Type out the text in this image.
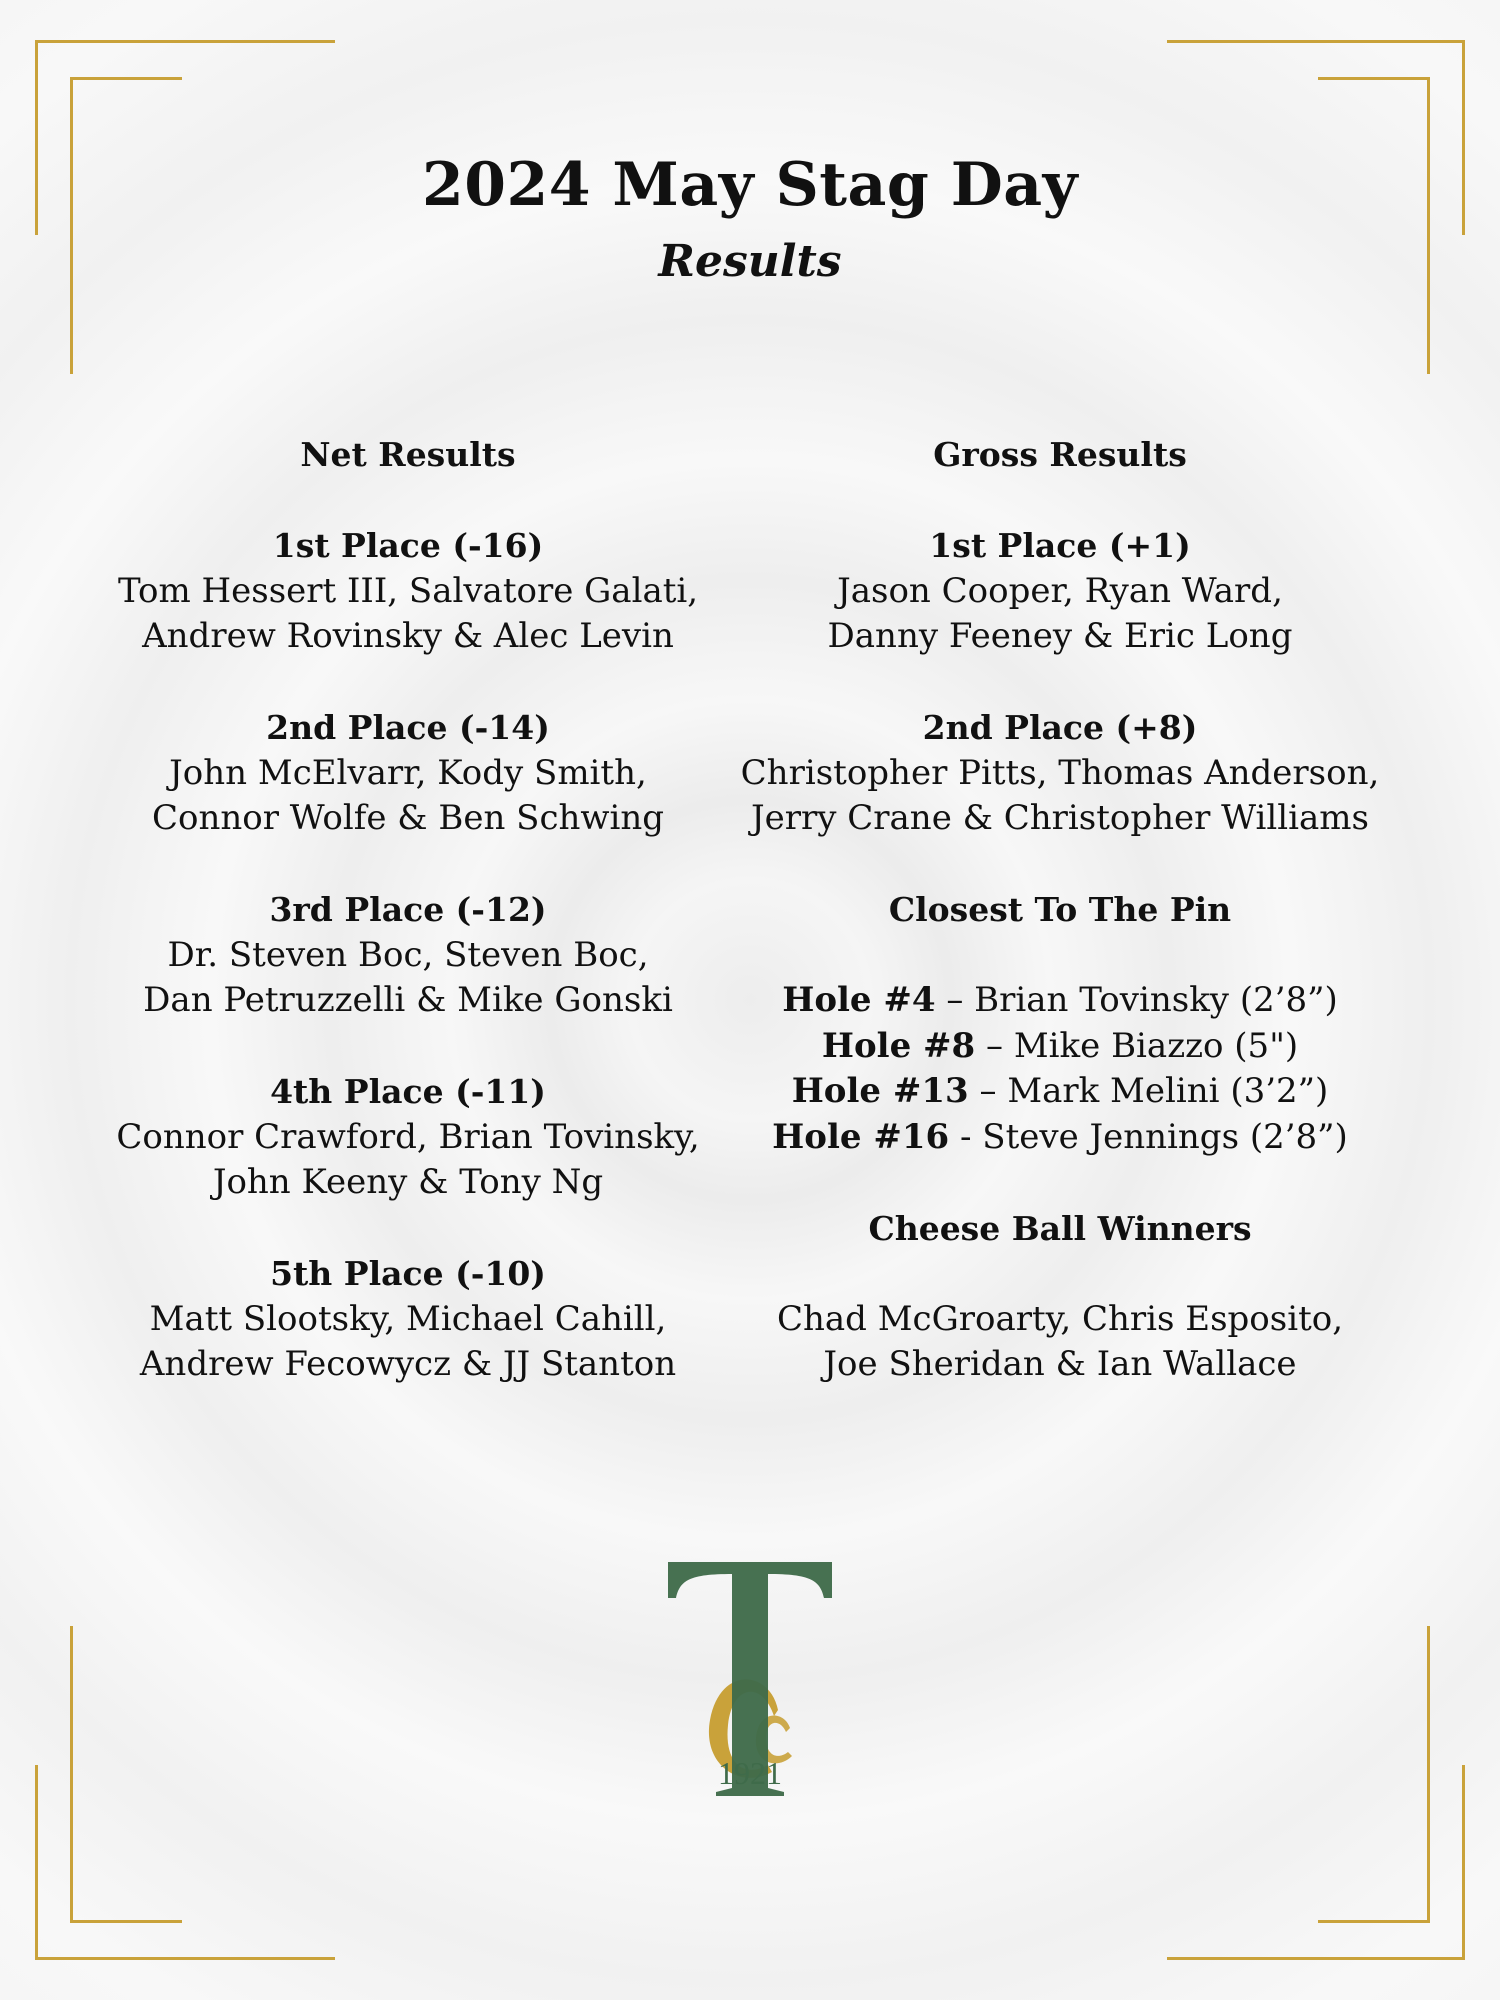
2024 May Stag Day
Results
Net Results
1st Place (-16)
Tom Hessert III, Salvatore Galati,
Andrew Rovinsky & Alec Levin
2nd Place (-14)
John McElvarr, Kody Smith,
Connor Wolfe & Ben Schwing
3rd Place (-12)
Dr. Steven Boc, Steven Boc,
Dan Petruzzelli & Mike Gonski
4th Place (-11)
Connor Crawford, Brian Tovinsky,
John Keeny & Tony Ng
5th Place (-10)
Matt Slootsky, Michael Cahill,
Andrew Fecowycz & JJ Stanton
Gross Results
1st Place (+1)
Jason Cooper, Ryan Ward,
Danny Feeney & Eric Long
2nd Place (+8)
Christopher Pitts, Thomas Anderson,
Jerry Crane & Christopher Williams
Closest To The Pin
Hole #4 – Brian Tovinsky (2’8”)
Hole #8 – Mike Biazzo (5")
Hole #13 – Mark Melini (3’2”)
Hole #16 - Steve Jennings (2’8”)
Cheese Ball Winners
Chad McGroarty, Chris Esposito,
Joe Sheridan & Ian Wallace
1921
